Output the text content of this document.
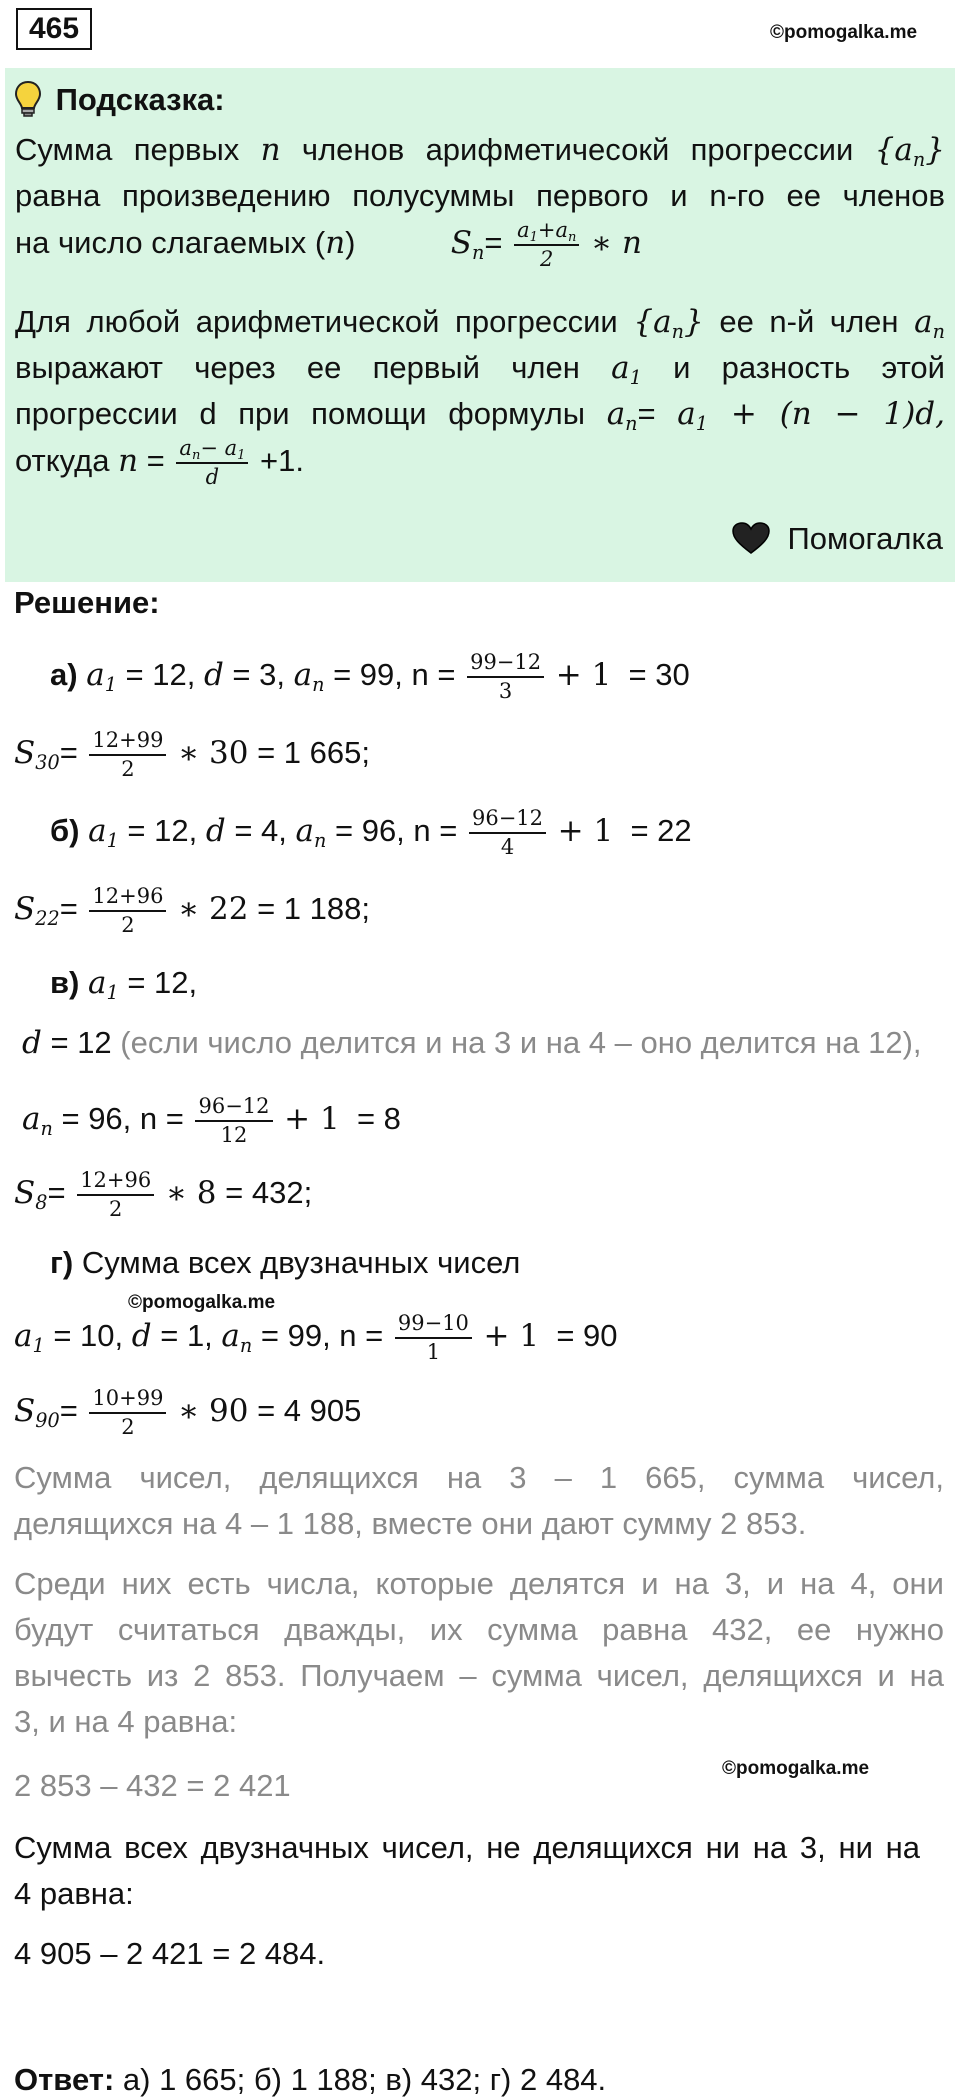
465	©pomogalka.me
Подсказка:
Сумма первых n членов арифметичесокй прогрессии $\{a_n\}$
равна произведению полусуммы первого и n-го ее членов
на число слагаемых (n)	$S_n= \frac{a_1+a_n}{2}$ ∗ n
Для любой арифметической прогрессии $\{a_n\}$ ее n-й член $a_n$
выражают через ее первый член $a_1$ и разность этой
прогрессии d при помощи формулы $a_n= a_1 + (n - 1)d$,
откуда $n = \frac{a_n- a_1}{d} +1$.
Помогалка
Решение:
а) $a_1 = 12$, d = 3, $a_n = 99$, $n = \frac{99-12}{3} + 1 = 30$
$S_{30}= \frac{12+99}{2}$ ∗ 30 = 1 665;
б) $a_1 = 12$, d = 4, $a_n = 96$, $n = \frac{96-12}{4} + 1 = 22$
$S_{22}= \frac{12+96}{2}$ ∗ 22 = 1 188;
в) $a_1 = 12$,
d = 12 (если число делится и на 3 и на 4 – оно делится на 12),
$a_n = 96$, $n = \frac{96-12}{12} + 1 = 8$
$S_8= \frac{12+96}{2}$ ∗ 8 = 432;
г) Сумма всех двузначных чисел
©pomogalka.me
$a_1 = 10$, d = 1, $a_n = 99$, $n = \frac{99-10}{1} + 1 = 90$
$S_{90}= \frac{10+99}{2}$ ∗ 90 = 4 905
Сумма чисел, делящихся на 3 – 1 665, сумма чисел,
делящихся на 4 – 1 188, вместе они дают сумму 2 853.
Среди них есть числа, которые делятся и на 3, и на 4, они
будут считаться дважды, их сумма равна 432, ее нужно
вычесть из 2 853. Получаем – сумма чисел, делящихся и на
3, и на 4 равна:
©pomogalka.me
2 853 – 432 = 2 421
Сумма всех двузначных чисел, не делящихся ни на 3, ни на
4 равна:
4 905 – 2 421 = 2 484.
Ответ: а) 1 665; б) 1 188; в) 432; г) 2 484.
